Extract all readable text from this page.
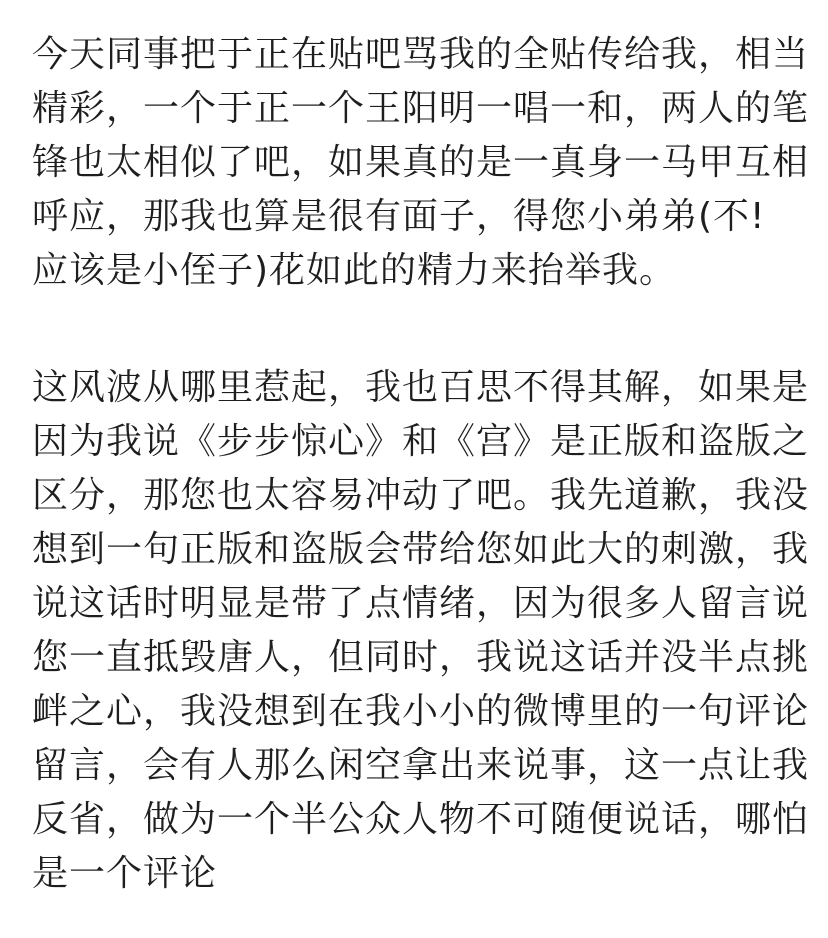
今天同事把于正在贴吧骂我的全贴传给我，相当
精彩，一个于正一个王阳明一唱一和，两人的笔
锋也太相似了吧，如果真的是一真身一马甲互相
呼应，那我也算是很有面子，得您小弟弟(不!
应该是小侄子)花如此的精力来抬举我。
这风波从哪里惹起，我也百思不得其解，如果是
因为我说《步步惊心》和《宫》是正版和盗版之
区分，那您也太容易冲动了吧。我先道歉，我没
想到一句正版和盗版会带给您如此大的刺激，我
说这话时明显是带了点情绪，因为很多人留言说
您一直抵毁唐人，但同时，我说这话并没半点挑
衅之心，我没想到在我小小的微博里的一句评论
留言，会有人那么闲空拿出来说事，这一点让我
反省，做为一个半公众人物不可随便说话，哪怕
是一个评论
